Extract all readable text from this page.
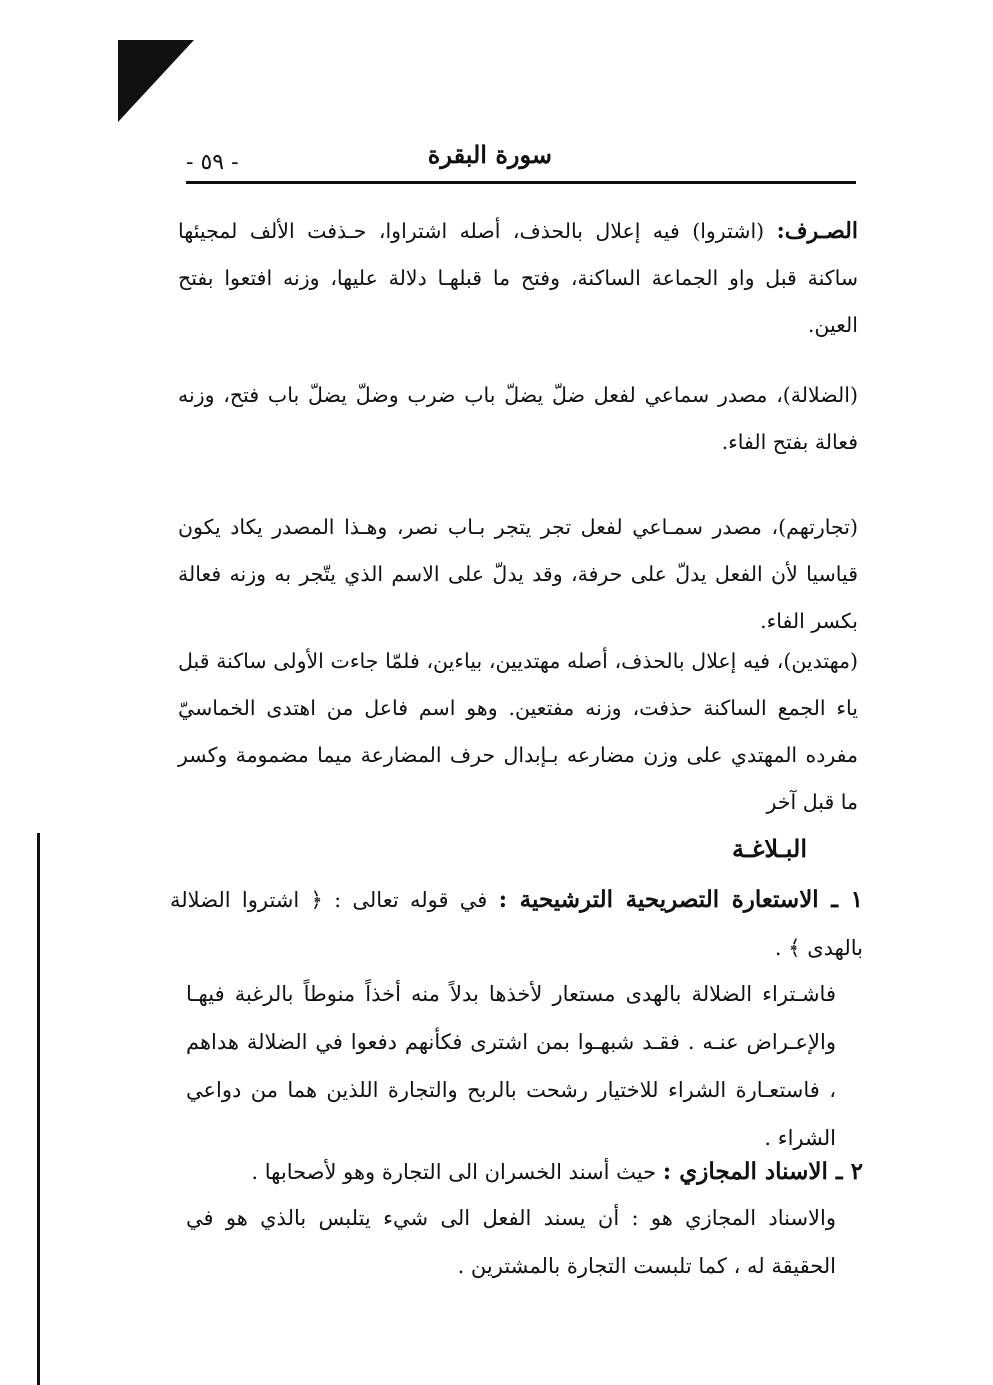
- ٥٩ -	سورة البقرة
الصـرف: (اشتروا) فيه إعلال بالحذف، أصله اشتراوا، حـذفت الألف لمجيئها ساكنة قبل واو الجماعة الساكنة، وفتح ما قبلهـا دلالة عليها، وزنه افتعوا بفتح العين.
(الضلالة)، مصدر سماعي لفعل ضلّ يضلّ باب ضرب وضلّ يضلّ باب فتح، وزنه فعالة بفتح الفاء.
(تجارتهم)، مصدر سمـاعي لفعل تجر يتجر بـاب نصر، وهـذا المصدر يكاد يكون قياسيا لأن الفعل يدلّ على حرفة، وقد يدلّ على الاسم الذي يتّجر به وزنه فعالة بكسر الفاء.
(مهتدين)، فيه إعلال بالحذف، أصله مهتديين، بياءين، فلمّا جاءت الأولى ساكنة قبل ياء الجمع الساكنة حذفت، وزنه مفتعين. وهو اسم فاعل من اهتدى الخماسيّ مفرده المهتدي على وزن مضارعه بـإبدال حرف المضارعة ميما مضمومة وكسر ما قبل آخر
البـلاغـة
١ ـ الاستعارة التصريحية الترشيحية : في قوله تعالى : ﴿ اشتروا الضلالة بالهدى ﴾ .
فاشـتراء الضلالة بالهدى مستعار لأخذها بدلاً منه أخذاً منوطاً بالرغبة فيهـا والإعـراض عنـه . فقـد شبهـوا بمن اشترى فكأنهم دفعوا في الضلالة هداهم ، فاستعـارة الشراء للاختيار رشحت بالربح والتجارة اللذين هما من دواعي الشراء .
٢ ـ الاسناد المجازي : حيث أسند الخسران الى التجارة وهو لأصحابها .
والاسناد المجازي هو : أن يسند الفعل الى شيء يتلبس بالذي هو في الحقيقة له ، كما تلبست التجارة بالمشترين .
